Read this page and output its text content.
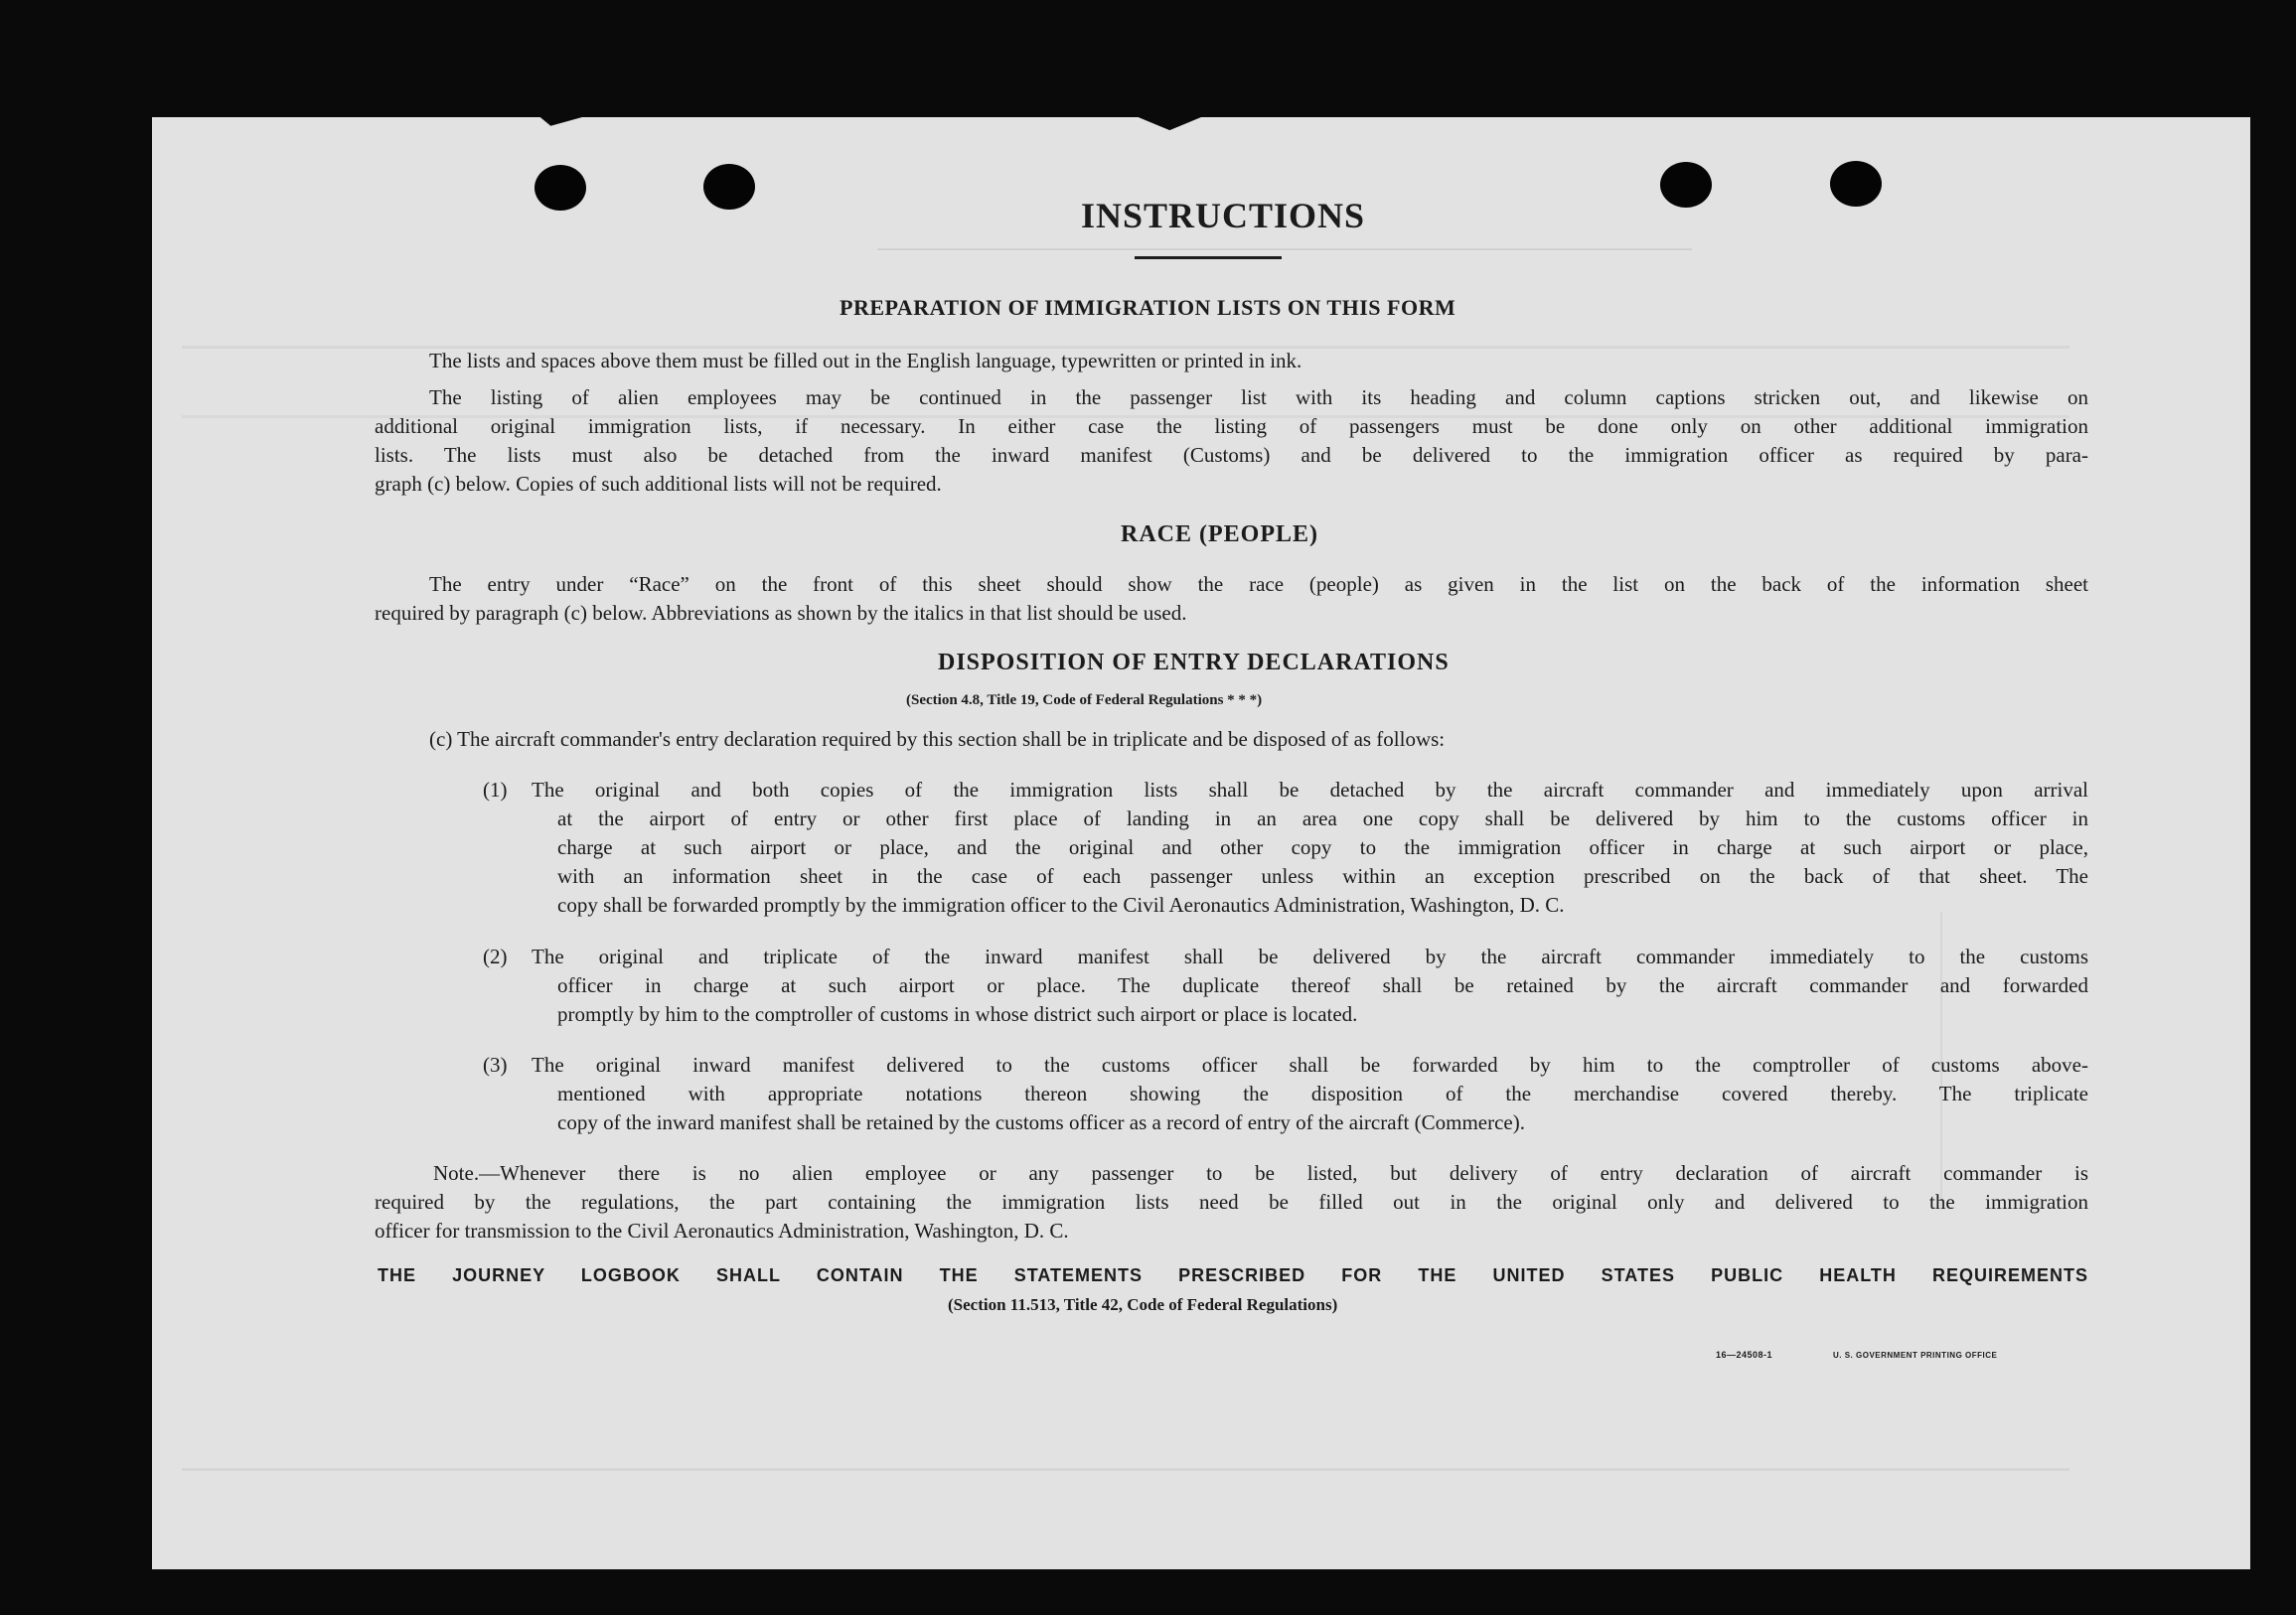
INSTRUCTIONS
PREPARATION OF IMMIGRATION LISTS ON THIS FORM
The lists and spaces above them must be filled out in the English language, typewritten or printed in ink.
The listing of alien employees may be continued in the passenger list with its heading and column captions stricken out, and likewise on
additional original immigration lists, if necessary. In either case the listing of passengers must be done only on other additional immigration
lists. The lists must also be detached from the inward manifest (Customs) and be delivered to the immigration officer as required by para-
graph (c) below. Copies of such additional lists will not be required.
RACE (PEOPLE)
The entry under “Race” on the front of this sheet should show the race (people) as given in the list on the back of the information sheet
required by paragraph (c) below. Abbreviations as shown by the italics in that list should be used.
DISPOSITION OF ENTRY DECLARATIONS
(Section 4.8, Title 19, Code of Federal Regulations * * *)
(c) The aircraft commander's entry declaration required by this section shall be in triplicate and be disposed of as follows:
(1) The original and both copies of the immigration lists shall be detached by the aircraft commander and immediately upon arrival
at the airport of entry or other first place of landing in an area one copy shall be delivered by him to the customs officer in
charge at such airport or place, and the original and other copy to the immigration officer in charge at such airport or place,
with an information sheet in the case of each passenger unless within an exception prescribed on the back of that sheet. The
copy shall be forwarded promptly by the immigration officer to the Civil Aeronautics Administration, Washington, D. C.
(2) The original and triplicate of the inward manifest shall be delivered by the aircraft commander immediately to the customs
officer in charge at such airport or place. The duplicate thereof shall be retained by the aircraft commander and forwarded
promptly by him to the comptroller of customs in whose district such airport or place is located.
(3) The original inward manifest delivered to the customs officer shall be forwarded by him to the comptroller of customs above-
mentioned with appropriate notations thereon showing the disposition of the merchandise covered thereby. The triplicate
copy of the inward manifest shall be retained by the customs officer as a record of entry of the aircraft (Commerce).
Note.—Whenever there is no alien employee or any passenger to be listed, but delivery of entry declaration of aircraft commander is
required by the regulations, the part containing the immigration lists need be filled out in the original only and delivered to the immigration
officer for transmission to the Civil Aeronautics Administration, Washington, D. C.
THE JOURNEY LOGBOOK SHALL CONTAIN THE STATEMENTS PRESCRIBED FOR THE UNITED STATES PUBLIC HEALTH REQUIREMENTS
(Section 11.513, Title 42, Code of Federal Regulations)
16—24508-1	U. S. GOVERNMENT PRINTING OFFICE
